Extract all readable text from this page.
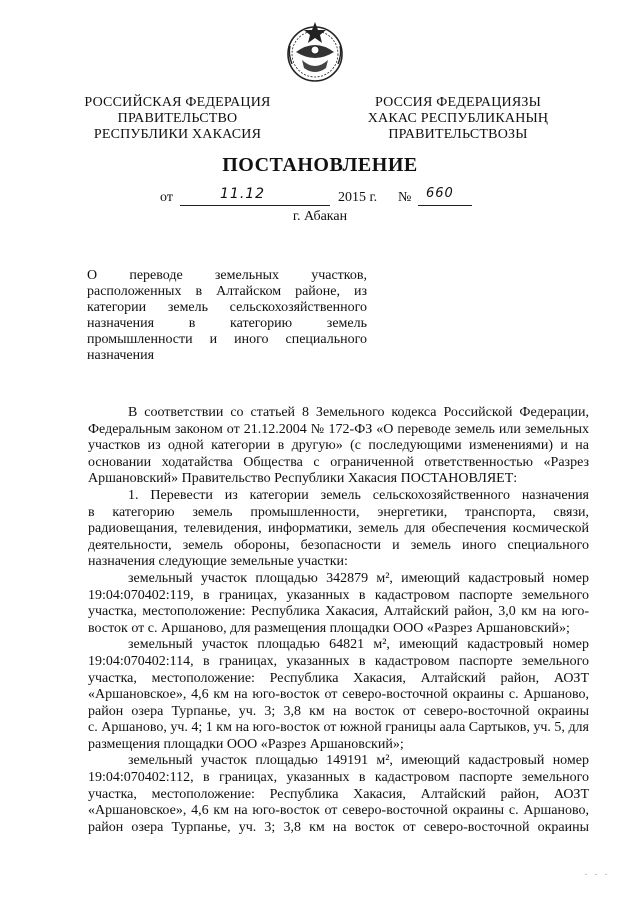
РОССИЙСКАЯ ФЕДЕРАЦИЯ
ПРАВИТЕЛЬСТВО
РЕСПУБЛИКИ ХАКАСИЯ
РОССИЯ ФЕДЕРАЦИЯЗЫ
ХАКАС РЕСПУБЛИКАНЫҢ
ПРАВИТЕЛЬСТВОЗЫ
ПОСТАНОВЛЕНИЕ
от	11.12	2015 г. № 660
г. Абакан
О переводе земельных участков,
расположенных в Алтайском районе, из
категории земель сельскохозяйственного
назначения в категорию земель
промышленности и иного специального
назначения
В соответствии со статьей 8 Земельного кодекса Российской Федерации,
Федеральным законом от 21.12.2004 № 172-ФЗ «О переводе земель или земельных
участков из одной категории в другую» (с последующими изменениями) и на
основании ходатайства Общества с ограниченной ответственностью «Разрез
Аршановский» Правительство Республики Хакасия ПОСТАНОВЛЯЕТ:
1. Перевести из категории земель сельскохозяйственного назначения
в категорию земель промышленности, энергетики, транспорта, связи,
радиовещания, телевидения, информатики, земель для обеспечения космической
деятельности, земель обороны, безопасности и земель иного специального
назначения следующие земельные участки:
земельный участок площадью 342879 м², имеющий кадастровый номер
19:04:070402:119, в границах, указанных в кадастровом паспорте земельного
участка, местоположение: Республика Хакасия, Алтайский район, 3,0 км на юго-
восток от с. Аршаново, для размещения площадки ООО «Разрез Аршановский»;
земельный участок площадью 64821 м², имеющий кадастровый номер
19:04:070402:114, в границах, указанных в кадастровом паспорте земельного
участка, местоположение: Республика Хакасия, Алтайский район, АОЗТ
«Аршановское», 4,6 км на юго-восток от северо-восточной окраины с. Аршаново,
район озера Турпанье, уч. 3; 3,8 км на восток от северо-восточной окраины
с. Аршаново, уч. 4; 1 км на юго-восток от южной границы аала Сартыков, уч. 5, для
размещения площадки ООО «Разрез Аршановский»;
земельный участок площадью 149191 м², имеющий кадастровый номер
19:04:070402:112, в границах, указанных в кадастровом паспорте земельного
участка, местоположение: Республика Хакасия, Алтайский район, АОЗТ
«Аршановское», 4,6 км на юго-восток от северо-восточной окраины с. Аршаново,
район озера Турпанье, уч. 3; 3,8 км на восток от северо-восточной окраины
. . .
